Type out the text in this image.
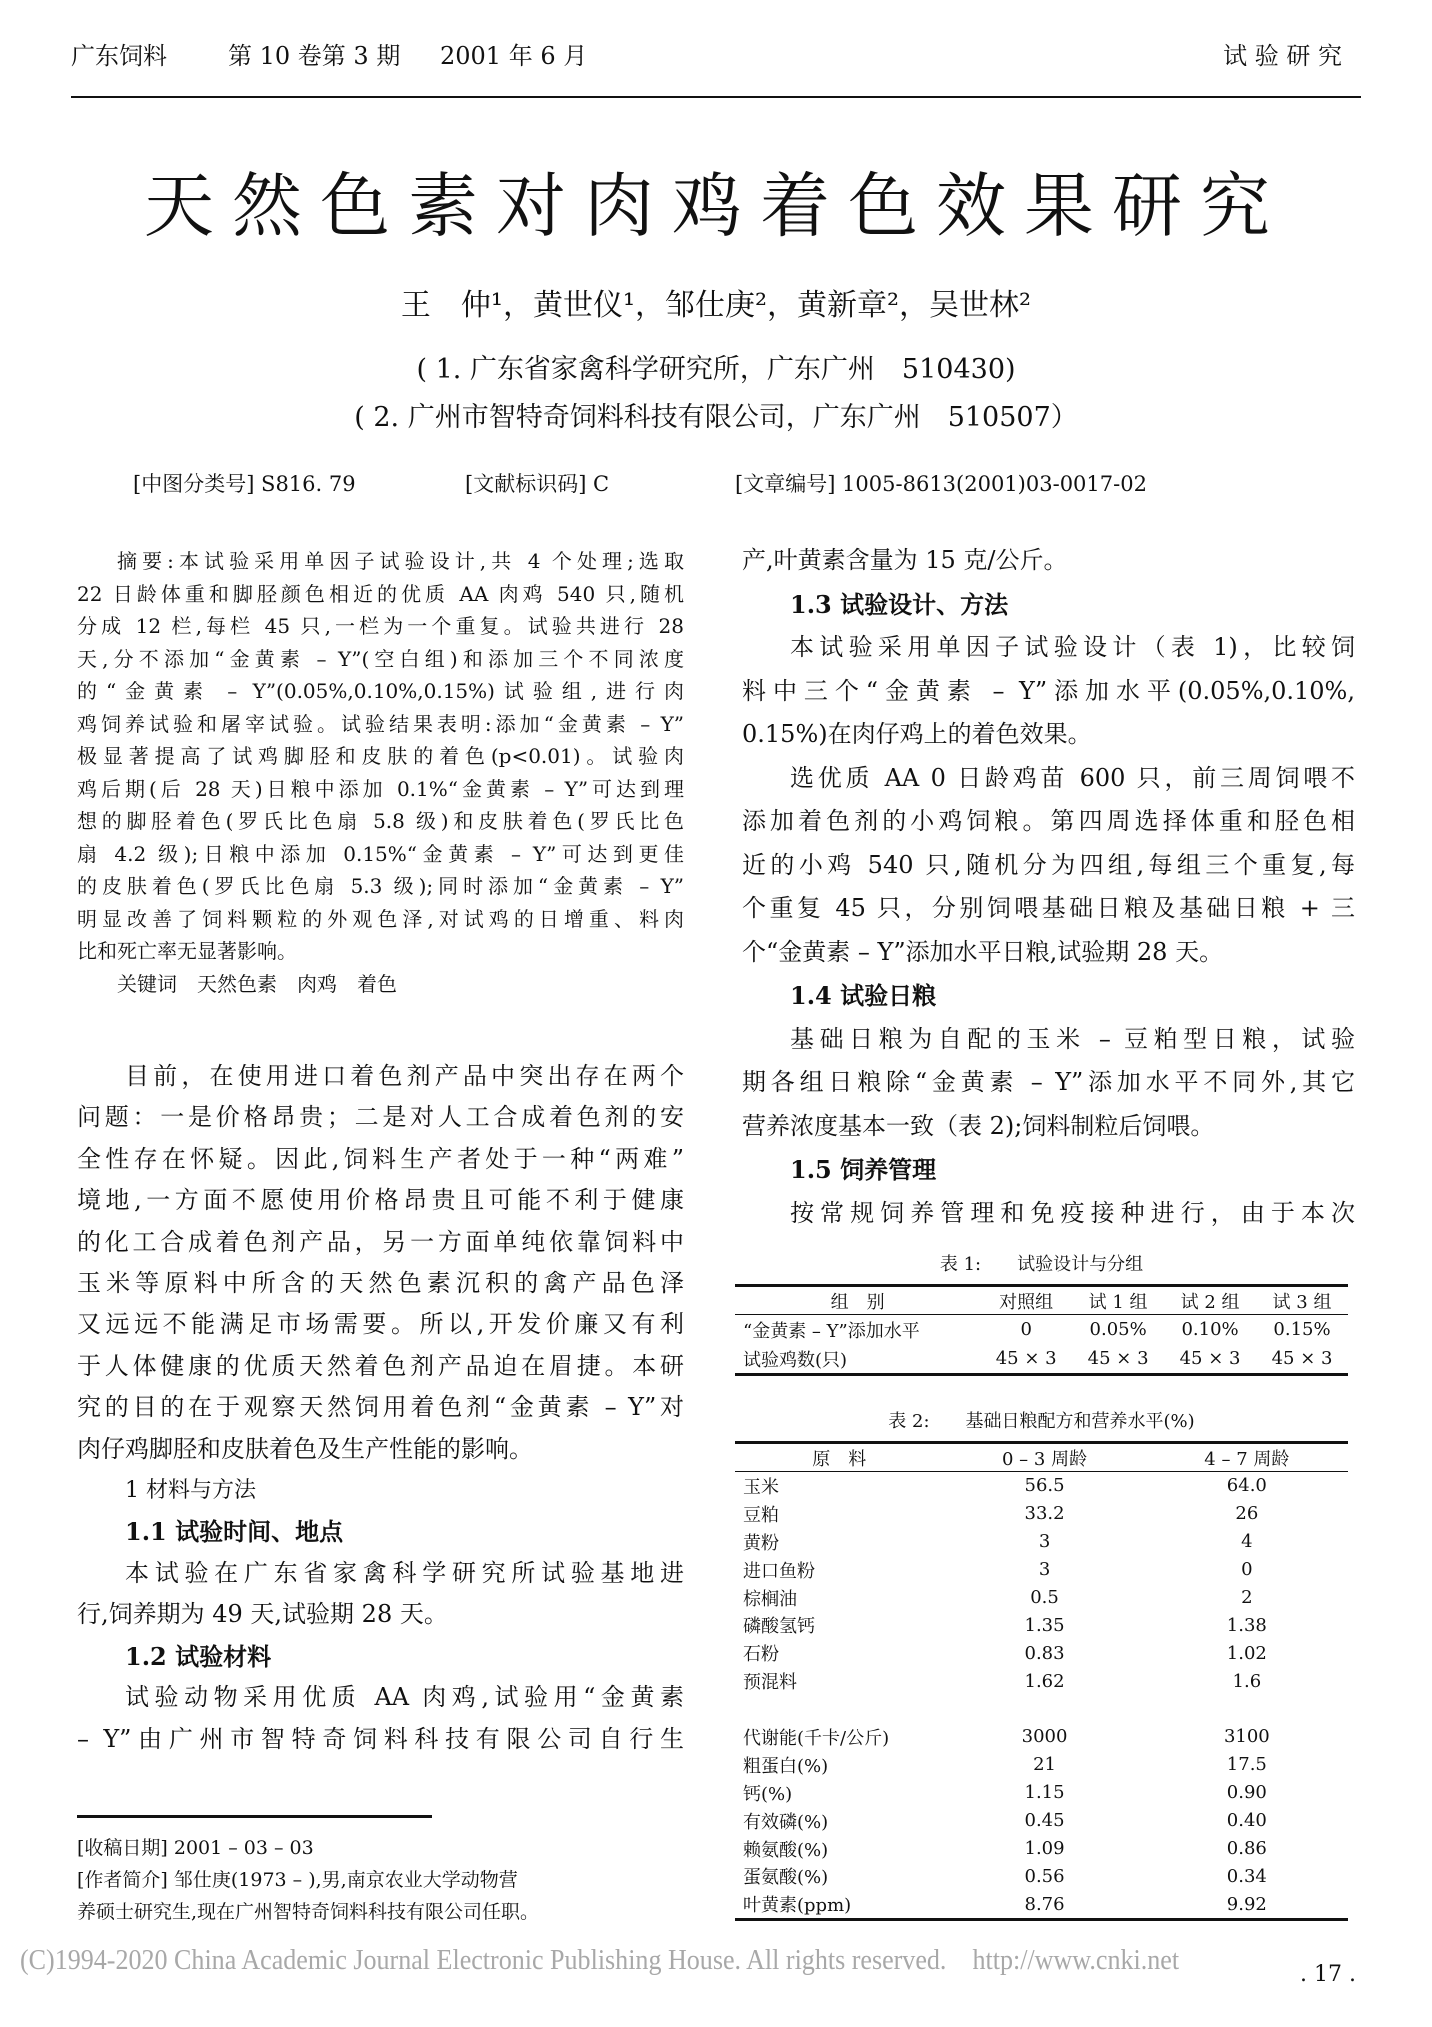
广东饲料	第 10 卷第 3 期 2001 年 6 月	试 验 研 究
天然色素对肉鸡着色效果研究
王　仲¹，黄世仪¹，邹仕庚²，黄新章²，吴世林²
( 1. 广东省家禽科学研究所，广东广州　510430)
( 2. 广州市智特奇饲料科技有限公司，广东广州　510507）
[中图分类号] S816. 79	[文献标识码] C	[文章编号] 1005-8613(2001)03-0017-02
摘要:本试验采用单因子试验设计,共 4 个处理;选取
22 日龄体重和脚胫颜色相近的优质 AA 肉鸡 540 只,随机
分成 12 栏,每栏 45 只,一栏为一个重复。试验共进行 28
天,分不添加“金黄素 – Y”(空白组)和添加三个不同浓度
的“金黄素 – Y”(0.05%,0.10%,0.15%)试验组,进行肉
鸡饲养试验和屠宰试验。试验结果表明:添加“金黄素 – Y”
极显著提高了试鸡脚胫和皮肤的着色(p<0.01)。试验肉
鸡后期(后 28 天)日粮中添加 0.1%“金黄素 – Y”可达到理
想的脚胫着色(罗氏比色扇 5.8 级)和皮肤着色(罗氏比色
扇 4.2 级);日粮中添加 0.15%“金黄素 – Y”可达到更佳
的皮肤着色(罗氏比色扇 5.3 级);同时添加“金黄素 – Y”
明显改善了饲料颗粒的外观色泽,对试鸡的日增重、料肉
比和死亡率无显著影响。
关键词　天然色素　肉鸡　着色
目前，在使用进口着色剂产品中突出存在两个
问题：一是价格昂贵；二是对人工合成着色剂的安
全性存在怀疑。因此,饲料生产者处于一种“两难”
境地,一方面不愿使用价格昂贵且可能不利于健康
的化工合成着色剂产品，另一方面单纯依靠饲料中
玉米等原料中所含的天然色素沉积的禽产品色泽
又远远不能满足市场需要。所以,开发价廉又有利
于人体健康的优质天然着色剂产品迫在眉捷。本研
究的目的在于观察天然饲用着色剂“金黄素 – Y”对
肉仔鸡脚胫和皮肤着色及生产性能的影响。
1 材料与方法
1.1 试验时间、地点
本试验在广东省家禽科学研究所试验基地进
行,饲养期为 49 天,试验期 28 天。
1.2 试验材料
试验动物采用优质 AA 肉鸡,试验用“金黄素
– Y”由广州市智特奇饲料科技有限公司自行生
产,叶黄素含量为 15 克/公斤。
1.3 试验设计、方法
本试验采用单因子试验设计（表 1)，比较饲
料中三个“金黄素 – Y”添加水平(0.05%,0.10%,
0.15%)在肉仔鸡上的着色效果。
选优质 AA 0 日龄鸡苗 600 只，前三周饲喂不
添加着色剂的小鸡饲粮。第四周选择体重和胫色相
近的小鸡 540 只,随机分为四组,每组三个重复,每
个重复 45 只，分别饲喂基础日粮及基础日粮 + 三
个“金黄素 – Y”添加水平日粮,试验期 28 天。
1.4 试验日粮
基础日粮为自配的玉米 – 豆粕型日粮，试验
期各组日粮除“金黄素 – Y”添加水平不同外,其它
营养浓度基本一致（表 2);饲料制粒后饲喂。
1.5 饲养管理
按常规饲养管理和免疫接种进行，由于本次
表 1:　　试验设计与分组
组　别	对照组	试 1 组	试 2 组	试 3 组
“金黄素 – Y”添加水平	0	0.05%	0.10%	0.15%
试验鸡数(只)	45 × 3	45 × 3	45 × 3	45 × 3
表 2:　　基础日粮配方和营养水平(%)
原　料	0 – 3 周龄	4 – 7 周龄
玉米	56.5	64.0
豆粕	33.2	26
黄粉	3	4
进口鱼粉	3	0
棕榈油	0.5	2
磷酸氢钙	1.35	1.38
石粉	0.83	1.02
预混料	1.62	1.6

代谢能(千卡/公斤)	3000	3100
粗蛋白(%)	21	17.5
钙(%)	1.15	0.90
有效磷(%)	0.45	0.40
赖氨酸(%)	1.09	0.86
蛋氨酸(%)	0.56	0.34
叶黄素(ppm)	8.76	9.92
[收稿日期] 2001 – 03 – 03
[作者简介] 邹仕庚(1973 – ),男,南京农业大学动物营
养硕士研究生,现在广州智特奇饲料科技有限公司任职。
(C)1994-2020 China Academic Journal Electronic Publishing House. All rights reserved.　http://www.cnki.net	. 17 .
